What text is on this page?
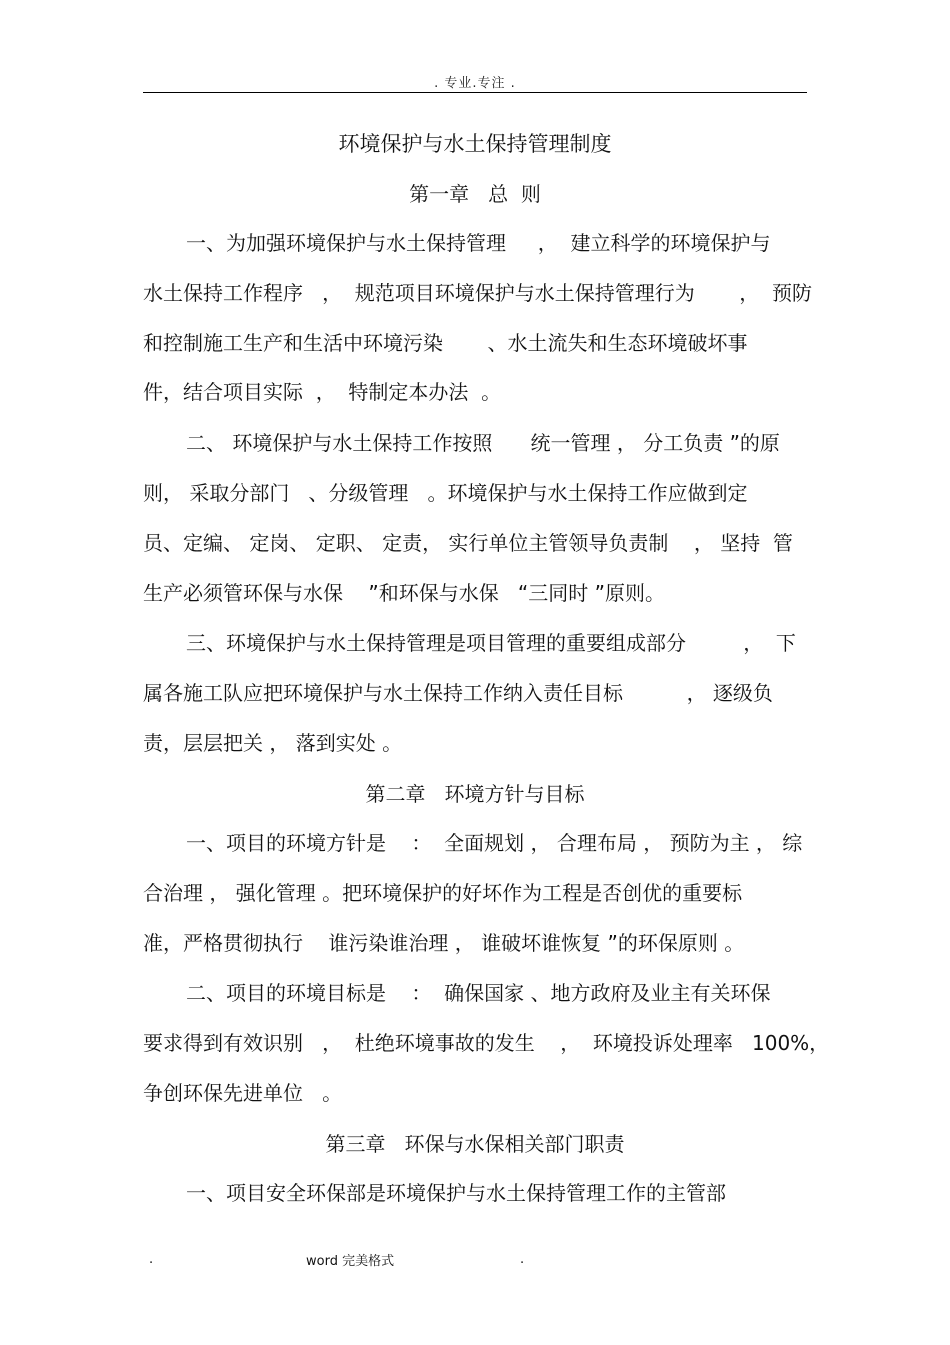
. 专业.专注 .
环境保护与水土保持管理制度
第一章   总  则
一、为加强环境保护与水土保持管理     ，  建立科学的环境保护与
水土保持工作程序   ，  规范项目环境保护与水土保持管理行为       ，  预防
和控制施工生产和生活中环境污染       、水土流失和生态环境破坏事
件，结合项目实际  ，  特制定本办法  。
二、 环境保护与水土保持工作按照      统一管理 ， 分工负责 ”的原
则， 采取分部门   、分级管理   。环境保护与水土保持工作应做到定
员、定编、 定岗、 定职、 定责， 实行单位主管领导负责制    ， 坚持  管
生产必须管环保与水保    ”和环保与水保   “三同时 ”原则。
三、环境保护与水土保持管理是项目管理的重要组成部分         ，  下
属各施工队应把环境保护与水土保持工作纳入责任目标          ， 逐级负
责，层层把关 ， 落到实处 。
第二章   环境方针与目标
一、项目的环境方针是    ：  全面规划 ， 合理布局 ， 预防为主 ， 综
合治理 ， 强化管理 。把环境保护的好坏作为工程是否创优的重要标
准，严格贯彻执行    谁污染谁治理 ， 谁破坏谁恢复 ”的环保原则 。
二、项目的环境目标是    ：  确保国家 、地方政府及业主有关环保
要求得到有效识别   ，  杜绝环境事故的发生    ，  环境投诉处理率   100%，
争创环保先进单位   。
第三章   环保与水保相关部门职责
一、项目安全环保部是环境保护与水土保持管理工作的主管部
.	word 完美格式	.
